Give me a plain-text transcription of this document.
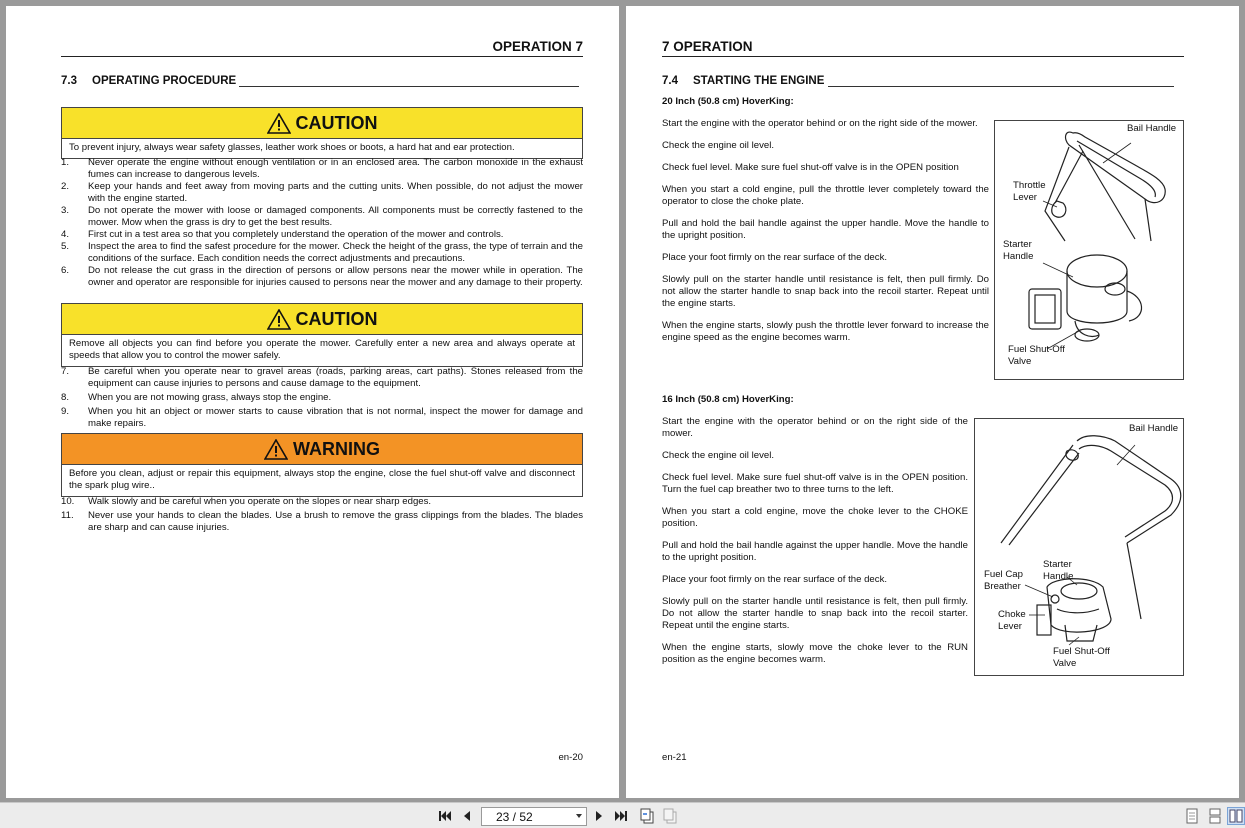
OPERATION 7
7.3 OPERATING PROCEDURE
CAUTION
To prevent injury, always wear safety glasses, leather work shoes or boots, a hard hat and ear protection.
1.	Never operate the engine without enough ventilation or in an enclosed area. The carbon monoxide in the exhaust fumes can increase to dangerous levels.
2.	Keep your hands and feet away from moving parts and the cutting units. When possible, do not adjust the mower with the engine started.
3.	Do not operate the mower with loose or damaged components. All components must be correctly fastened to the mower. Mow when the grass is dry to get the best results.
4.	First cut in a test area so that you completely understand the operation of the mower and controls.
5.	Inspect the area to find the safest procedure for the mower. Check the height of the grass, the type of terrain and the conditions of the surface. Each condition needs the correct adjustments and precautions.
6.	Do not release the cut grass in the direction of persons or allow persons near the mower while in operation. The owner and operator are responsible for injuries caused to persons near the mower and any damage to their property.
CAUTION
Remove all objects you can find before you operate the mower. Carefully enter a new area and always operate at speeds that allow you to control the mower safely.
7.	Be careful when you operate near to gravel areas (roads, parking areas, cart paths). Stones released from the equipment can cause injuries to persons and cause damage to the equipment.
8.	When you are not mowing grass, always stop the engine.
9.	When you hit an object or mower starts to cause vibration that is not normal, inspect the mower for damage and make repairs.
WARNING
Before you clean, adjust or repair this equipment, always stop the engine, close the fuel shut-off valve and disconnect the spark plug wire..
10.	Walk slowly and be careful when you operate on the slopes or near sharp edges.
11.	Never use your hands to clean the blades. Use a brush to remove the grass clippings from the blades. The blades are sharp and can cause injuries.
en-20
7 OPERATION
7.4 STARTING THE ENGINE
20 Inch (50.8 cm) HoverKing:
Start the engine with the operator behind or on the right side of the mower.
Check the engine oil level.
Check fuel level. Make sure fuel shut-off valve is in the OPEN position
When you start a cold engine, pull the throttle lever completely toward the operator to close the choke plate.
Pull and hold the bail handle against the upper handle. Move the handle to the upright position.
Place your foot firmly on the rear surface of the deck.
Slowly pull on the starter handle until resistance is felt, then pull firmly. Do not allow the starter handle to snap back into the recoil starter. Repeat until the engine starts.
When the engine starts, slowly push the throttle lever forward to increase the engine speed as the engine becomes warm.
Bail Handle
Throttle Lever
Starter Handle
Fuel Shut-Off Valve
16 Inch (50.8 cm) HoverKing:
Start the engine with the operator behind or on the right side of the mower.
Check the engine oil level.
Check fuel level. Make sure fuel shut-off valve is in the OPEN position. Turn the fuel cap breather two to three turns to the left.
When you start a cold engine, move the choke lever to the CHOKE position.
Pull and hold the bail handle against the upper handle. Move the handle to the upright position.
Place your foot firmly on the rear surface of the deck.
Slowly pull on the starter handle until resistance is felt, then pull firmly. Do not allow the starter handle to snap back into the recoil starter. Repeat until the engine starts.
When the engine starts, slowly move the choke lever to the RUN position as the engine becomes warm.
Bail Handle
Starter Handle
Fuel Cap Breather
Choke Lever
Fuel Shut-Off Valve
en-21
23 / 52
